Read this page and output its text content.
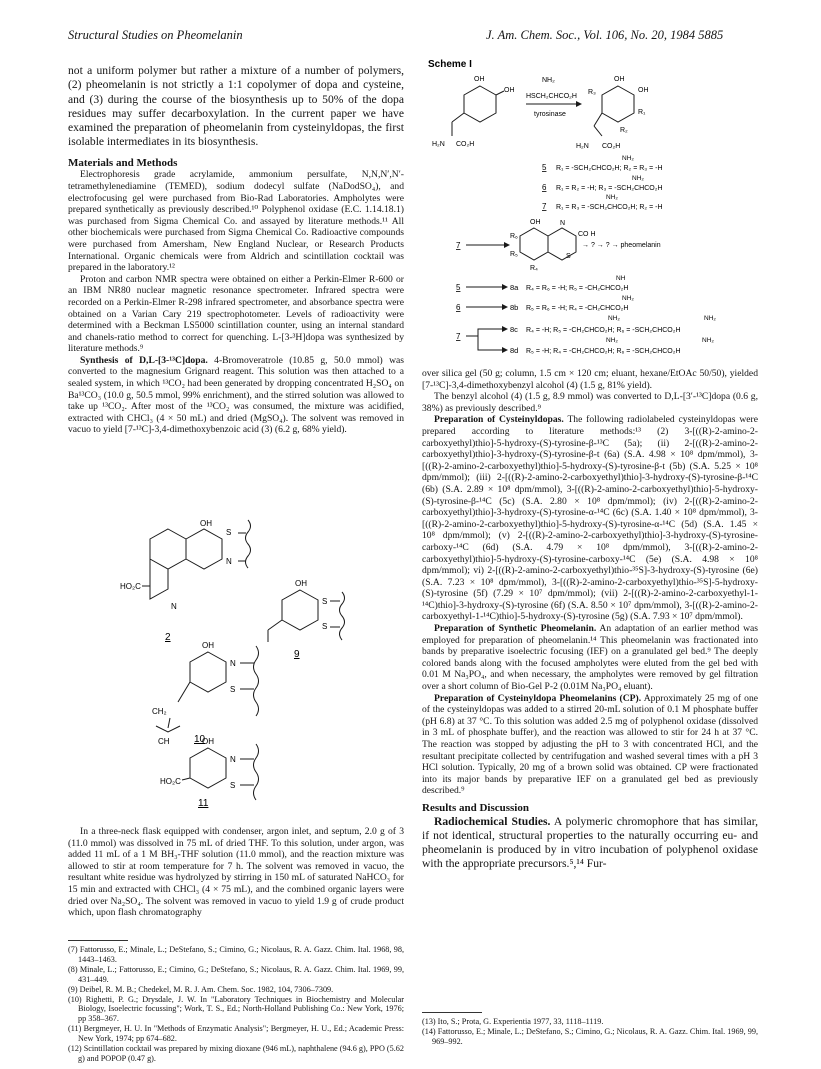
Structural Studies on Pheomelanin	J. Am. Chem. Soc., Vol. 106, No. 20, 1984 5885

not a uniform polymer but rather a mixture of a number of polymers, (2) pheomelanin is not strictly a 1:1 copolymer of dopa and cysteine, and (3) during the course of the biosynthesis up to 50% of the dopa residues may suffer decarboxylation. In the current paper we have examined the preparation of pheomelanin from cysteinyldopas, the first isolable intermediates in its biosynthesis.

Materials and Methods

Electrophoresis grade acrylamide, ammonium persulfate, N,N,N′,N′-tetramethylenediamine (TEMED), sodium dodecyl sulfate (NaDodSO₄), and electrofocusing gel were purchased from Bio-Rad Laboratories. Ampholytes were prepared synthetically as previously described.¹⁰ Polyphenol oxidase (E.C. 1.14.18.1) was purchased from Sigma Chemical Co. and assayed by literature methods.¹¹ All other biochemicals were purchased from Sigma Chemical Co. Radioactive compounds were purchased from Amersham, New England Nuclear, or Research Products International. Organic chemicals were from Aldrich and scintillation cocktail was prepared in the laboratory.¹²

Proton and carbon NMR spectra were obtained on either a Perkin-Elmer R-600 or an IBM NR80 nuclear magnetic resonance spectrometer. Infrared spectra were recorded on a Perkin-Elmer R-298 infrared spectrometer, and absorbance spectra were obtained on a Varian Cary 219 spectrophotometer. Levels of radioactivity were determined with a Beckman LS5000 scintillation counter, using an internal standard and chanels-ratio method to correct for quenching. L-[3-³H]dopa was synthesized by literature methods.⁹

Synthesis of D,L-[3-¹³C]dopa. 4-Bromoveratrole (10.85 g, 50.0 mmol) was converted to the magnesium Grignard reagent. This solution was then attached to a sealed system, in which ¹³CO₂ had been generated by dropping concentrated H₂SO₄ on Ba¹³CO₃ (10.0 g, 50.5 mmol, 99% enrichment), and the stirred solution was allowed to take up ¹³CO₂. After most of the ¹³CO₂ was consumed, the mixture was acidified, extracted with CHCl₃ (4 × 50 mL) and dried (MgSO₄). The solvent was removed in vacuo to yield [7-¹³C]-3,4-dimethoxybenzoic acid (3) (6.2 g, 68% yield).

OH
S
N
HO₂C
N
2
OH
S
S
9
OH
N
S
CH₂
CH 10
OH
N
S
HO₂C
11

In a three-neck flask equipped with condenser, argon inlet, and septum, 2.0 g of 3 (11.0 mmol) was dissolved in 75 mL of dried THF. To this solution, under argon, was added 11 mL of a 1 M BH₃-THF solution (11.0 mmol), and the reaction mixture was allowed to stir at room temperature for 7 h. The solvent was removed in vacuo, the resultant white residue was hydrolyzed by stirring in 150 mL of saturated NaHCO₃ for 15 min and extracted with CHCl₃ (4 × 75 mL), and the combined organic layers were dried over Na₂SO₄. The solvent was removed in vacuo to yield 1.9 g of crude product which, upon flash chromatography

(7) Fattorusso, E.; Minale, L.; DeStefano, S.; Cimino, G.; Nicolaus, R. A. Gazz. Chim. Ital. 1968, 98, 1443–1463.

(8) Minale, L.; Fattorusso, E.; Cimino, G.; DeStefano, S.; Nicolaus, R. A. Gazz. Chim. Ital. 1969, 99, 431–449.

(9) Deibel, R. M. B.; Chedekel, M. R. J. Am. Chem. Soc. 1982, 104, 7306–7309.

(10) Righetti, P. G.; Drysdale, J. W. In "Laboratory Techniques in Biochemistry and Molecular Biology, Isoelectric focussing"; Work, T. S., Ed.; North-Holland Publishing Co.: New York, 1976; pp 358–367.

(11) Bergmeyer, H. U. In "Methods of Enzymatic Analysis"; Bergmeyer, H. U., Ed.; Academic Press: New York, 1974; pp 674–682.

(12) Scintillation cocktail was prepared by mixing dioxane (946 mL), naphthalene (94.6 g), PPO (5.62 g) and POPOP (0.47 g).

Scheme I
OH
OH
H₂N CO₂H
NH₂
HSCH₂CHCO₂H
tyrosinase
OH
OH
R₃
R₁
R₂
H₂N CO₂H
NH₂
5 R₁ = -SCH₂CHCO₂H; R₂ = R₃ = -H
NH₂
6 R₁ = R₂ = -H; R₃ = -SCH₂CHCO₂H
NH₂
7 R₁ = R₃ = -SCH₂CHCO₂H; R₂ = -H
7
OH
R₆
R₅
R₄
N
S
CO H
→ ? → ? → pheomelanin
NH
5	8a R₄ = R₆ = -H; R₅ = -CH₂CHCO₂H
NH₂
6	8b R₅ = R₆ = -H; R₄ = -CH₂CHCO₂H
NH₂	NH₂
7
8c R₄ = -H; R₅ = -CH₂CHCO₂H; R₆ = -SCH₂CHCO₂H
NH₂	NH₂
8d R₅ = -H; R₄ = -CH₂CHCO₂H; R₆ = -SCH₂CHCO₂H

over silica gel (50 g; column, 1.5 cm × 120 cm; eluant, hexane/EtOAc 50/50), yielded [7-¹³C]-3,4-dimethoxybenzyl alcohol (4) (1.5 g, 81% yield).

The benzyl alcohol (4) (1.5 g, 8.9 mmol) was converted to D,L-[3′-¹³C]dopa (0.6 g, 38%) as previously described.⁹

Preparation of Cysteinyldopas. The following radiolabeled cysteinyldopas were prepared according to literature methods:¹³ (2) 3-[((R)-2-amino-2-carboxyethyl)thio]-5-hydroxy-(S)-tyrosine-β-¹³C (5a); (ii) 2-[((R)-2-amino-2-carboxyethyl)thio]-3-hydroxy-(S)-tyrosine-β-t (6a) (S.A. 4.98 × 10⁸ dpm/mmol), 3-[((R)-2-amino-2-carboxyethyl)thio]-5-hydroxy-(S)-tyrosine-β-t (5b) (S.A. 5.25 × 10⁸ dpm/mmol); (iii) 2-[((R)-2-amino-2-carboxyethyl)thio]-3-hydroxy-(S)-tyrosine-β-¹⁴C (6b) (S.A. 2.89 × 10⁸ dpm/mmol), 3-[((R)-2-amino-2-carboxyethyl)thio]-5-hydroxy-(S)-tyrosine-β-¹⁴C (5c) (S.A. 2.80 × 10⁸ dpm/mmol); (iv) 2-[((R)-2-amino-2-carboxyethyl)thio]-3-hydroxy-(S)-tyrosine-α-¹⁴C (6c) (S.A. 1.40 × 10⁸ dpm/mmol), 3-[((R)-2-amino-2-carboxyethyl)thio]-5-hydroxy-(S)-tyrosine-α-¹⁴C (5d) (S.A. 1.45 × 10⁸ dpm/mmol); (v) 2-[((R)-2-amino-2-carboxyethyl)thio]-3-hydroxy-(S)-tyrosine-carboxy-¹⁴C (6d) (S.A. 4.79 × 10⁸ dpm/mmol), 3-[((R)-2-amino-2-carboxyethyl)thio]-5-hydroxy-(S)-tyrosine-carboxy-¹⁴C (5e) (S.A. 4.98 × 10⁸ dpm/mmol); vi) 2-[((R)-2-amino-2-carboxyethyl)thio-³⁵S]-3-hydroxy-(S)-tyrosine (6e) (S.A. 7.23 × 10⁸ dpm/mmol), 3-[((R)-2-amino-2-carboxyethyl)thio-³⁵S]-5-hydroxy-(S)-tyrosine (5f) (7.29 × 10⁷ dpm/mmol); (vii) 2-[((R)-2-amino-2-carboxyethyl-1-¹⁴C)thio]-3-hydroxy-(S)-tyrosine (6f) (S.A. 8.50 × 10⁷ dpm/mmol), 3-[((R)-2-amino-2-carboxyethyl-1-¹⁴C)thio]-5-hydroxy-(S)-tyrosine (5g) (S.A. 7.93 × 10⁷ dpm/mmol).

Preparation of Synthetic Pheomelanin. An adaptation of an earlier method was employed for preparation of pheomelanin.¹⁴ This pheomelanin was fractionated into bands by preparative isoelectric focusing (IEF) on a granulated gel bed.⁹ The deeply colored bands along with the focused ampholytes were eluted from the gel bed with 0.01 M Na₃PO₄, and when necessary, the ampholytes were removed by gel filtration over a short column of Bio-Gel P-2 (0.01M Na₃PO₄ eluant).

Preparation of Cysteinyldopa Pheomelanins (CP). Approximately 25 mg of one of the cysteinyldopas was added to a stirred 20-mL solution of 0.1 M phosphate buffer (pH 6.8) at 37 °C. To this solution was added 2.5 mg of polyphenol oxidase (dissolved in 3 mL of phosphate buffer), and the reaction was allowed to stir for 24 h at 37 °C. The reaction was stopped by adjusting the pH to 3 with concentrated HCl, and the resultant precipitate collected by centrifugation and washed several times with a pH 3 HCl solution. Typically, 20 mg of a brown solid was obtained. CP were fractionated into its major bands by preparative IEF on a granulated gel bed as previously described.⁹

Results and Discussion

Radiochemical Studies. A polymeric chromophore that has similar, if not identical, structural properties to the naturally occurring eu- and pheomelanin is produced by in vitro incubation of polyphenol oxidase with the appropriate precursors.⁵,¹⁴ Fur-

(13) Ito, S.; Prota, G. Experientia 1977, 33, 1118–1119.

(14) Fattorusso, E.; Minale, L.; DeStefano, S.; Cimino, G.; Nicolaus, R. A. Gazz. Chim. Ital. 1969, 99, 969–992.
